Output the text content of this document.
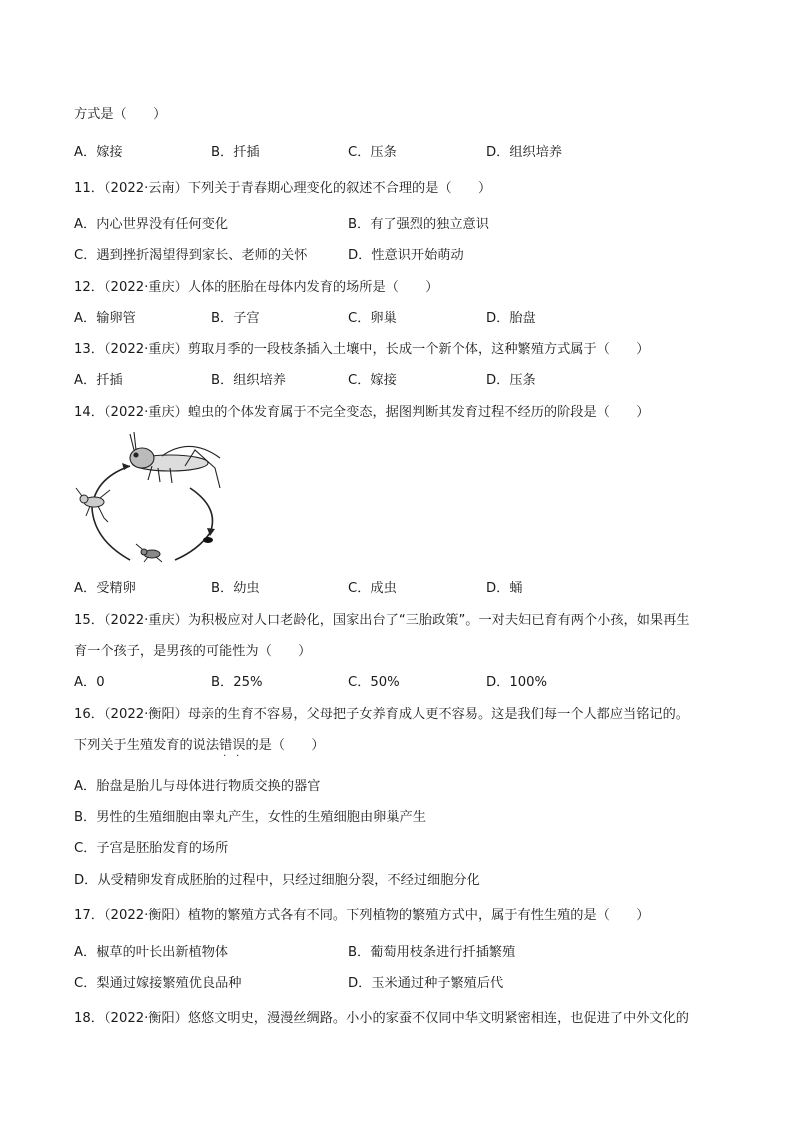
方式是（　　）
A．嫁接	B．扦插	C．压条	D．组织培养
11．（2022·云南）下列关于青春期心理变化的叙述不合理的是（　　）
A．内心世界没有任何变化	B．有了强烈的独立意识
C．遇到挫折渴望得到家长、老师的关怀	D．性意识开始萌动
12．（2022·重庆）人体的胚胎在母体内发育的场所是（　　）
A．输卵管	B．子宫	C．卵巢	D．胎盘
13．（2022·重庆）剪取月季的一段枝条插入土壤中，长成一个新个体，这种繁殖方式属于（　　）
A．扦插	B．组织培养	C．嫁接	D．压条
14．（2022·重庆）蝗虫的个体发育属于不完全变态，据图判断其发育过程不经历的阶段是（　　）
A．受精卵	B．幼虫	C．成虫	D．蛹
15．（2022·重庆）为积极应对人口老龄化，国家出台了“三胎政策”。一对夫妇已育有两个小孩，如果再生
育一个孩子，是男孩的可能性为（　　）
A．0	B．25%	C．50%	D．100%
16．（2022·衡阳）母亲的生育不容易，父母把子女养育成人更不容易。这是我们每一个人都应当铭记的。
下列关于生殖发育的说法错误
· ·
的是（　　）
A．胎盘是胎儿与母体进行物质交换的器官
B．男性的生殖细胞由睾丸产生，女性的生殖细胞由卵巢产生
C．子宫是胚胎发育的场所
D．从受精卵发育成胚胎的过程中，只经过细胞分裂，不经过细胞分化
17．（2022·衡阳）植物的繁殖方式各有不同。下列植物的繁殖方式中，属于有性生殖的是（　　）
A．椒草的叶长出新植物体	B．葡萄用枝条进行扦插繁殖
C．梨通过嫁接繁殖优良品种	D．玉米通过种子繁殖后代
18．（2022·衡阳）悠悠文明史，漫漫丝绸路。小小的家蚕不仅同中华文明紧密相连，也促进了中外文化的
